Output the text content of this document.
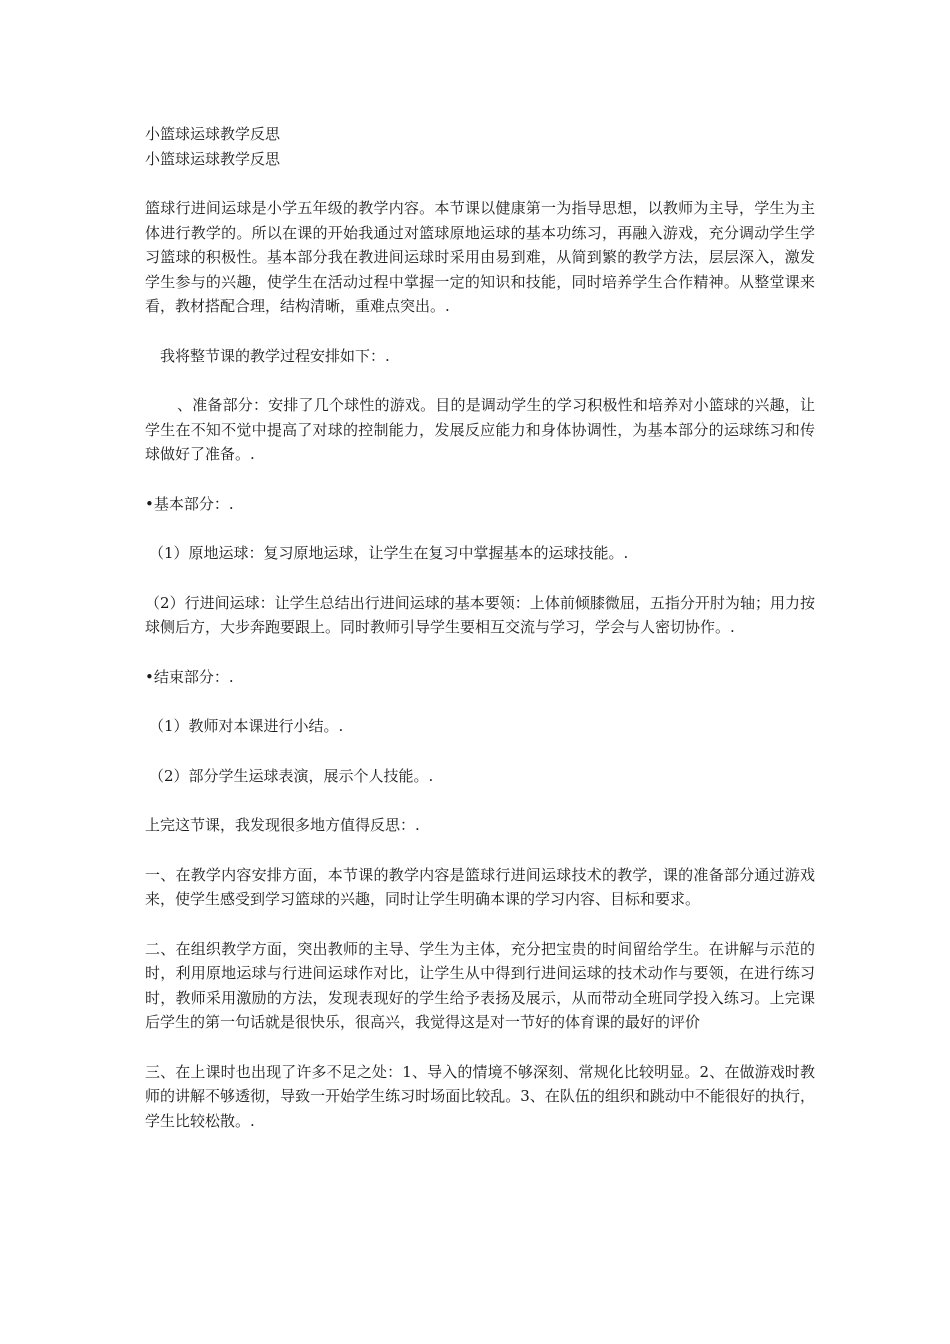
小篮球运球教学反思

小篮球运球教学反思

篮球行进间运球是小学五年级的教学内容。本节课以健康第一为指导思想，以教师为主导，学生为主体进行教学的。所以在课的开始我通过对篮球原地运球的基本功练习，再融入游戏，充分调动学生学习篮球的积极性。基本部分我在教进间运球时采用由易到难，从简到繁的教学方法，层层深入，激发学生参与的兴趣，使学生在活动过程中掌握一定的知识和技能，同时培养学生合作精神。从整堂课来看，教材搭配合理，结构清晰，重难点突出。.

我将整节课的教学过程安排如下：.

、准备部分：安排了几个球性的游戏。目的是调动学生的学习积极性和培养对小篮球的兴趣，让学生在不知不觉中提高了对球的控制能力，发展反应能力和身体协调性，为基本部分的运球练习和传球做好了准备。.

•基本部分：.

（1）原地运球：复习原地运球，让学生在复习中掌握基本的运球技能。.

（2）行进间运球：让学生总结出行进间运球的基本要领：上体前倾膝微屈，五指分开肘为轴；用力按球侧后方，大步奔跑要跟上。同时教师引导学生要相互交流与学习，学会与人密切协作。.

•结束部分：.

（1）教师对本课进行小结。.

（2）部分学生运球表演，展示个人技能。.

上完这节课，我发现很多地方值得反思：.

一、在教学内容安排方面，本节课的教学内容是篮球行进间运球技术的教学，课的准备部分通过游戏来，使学生感受到学习篮球的兴趣，同时让学生明确本课的学习内容、目标和要求。

二、在组织教学方面，突出教师的主导、学生为主体，充分把宝贵的时间留给学生。在讲解与示范的时，利用原地运球与行进间运球作对比，让学生从中得到行进间运球的技术动作与要领，在进行练习时，教师采用激励的方法，发现表现好的学生给予表扬及展示，从而带动全班同学投入练习。上完课后学生的第一句话就是很快乐，很高兴，我觉得这是对一节好的体育课的最好的评价

三、在上课时也出现了许多不足之处：1、导入的情境不够深刻、常规化比较明显。2、在做游戏时教师的讲解不够透彻，导致一开始学生练习时场面比较乱。3、在队伍的组织和跳动中不能很好的执行，学生比较松散。.
